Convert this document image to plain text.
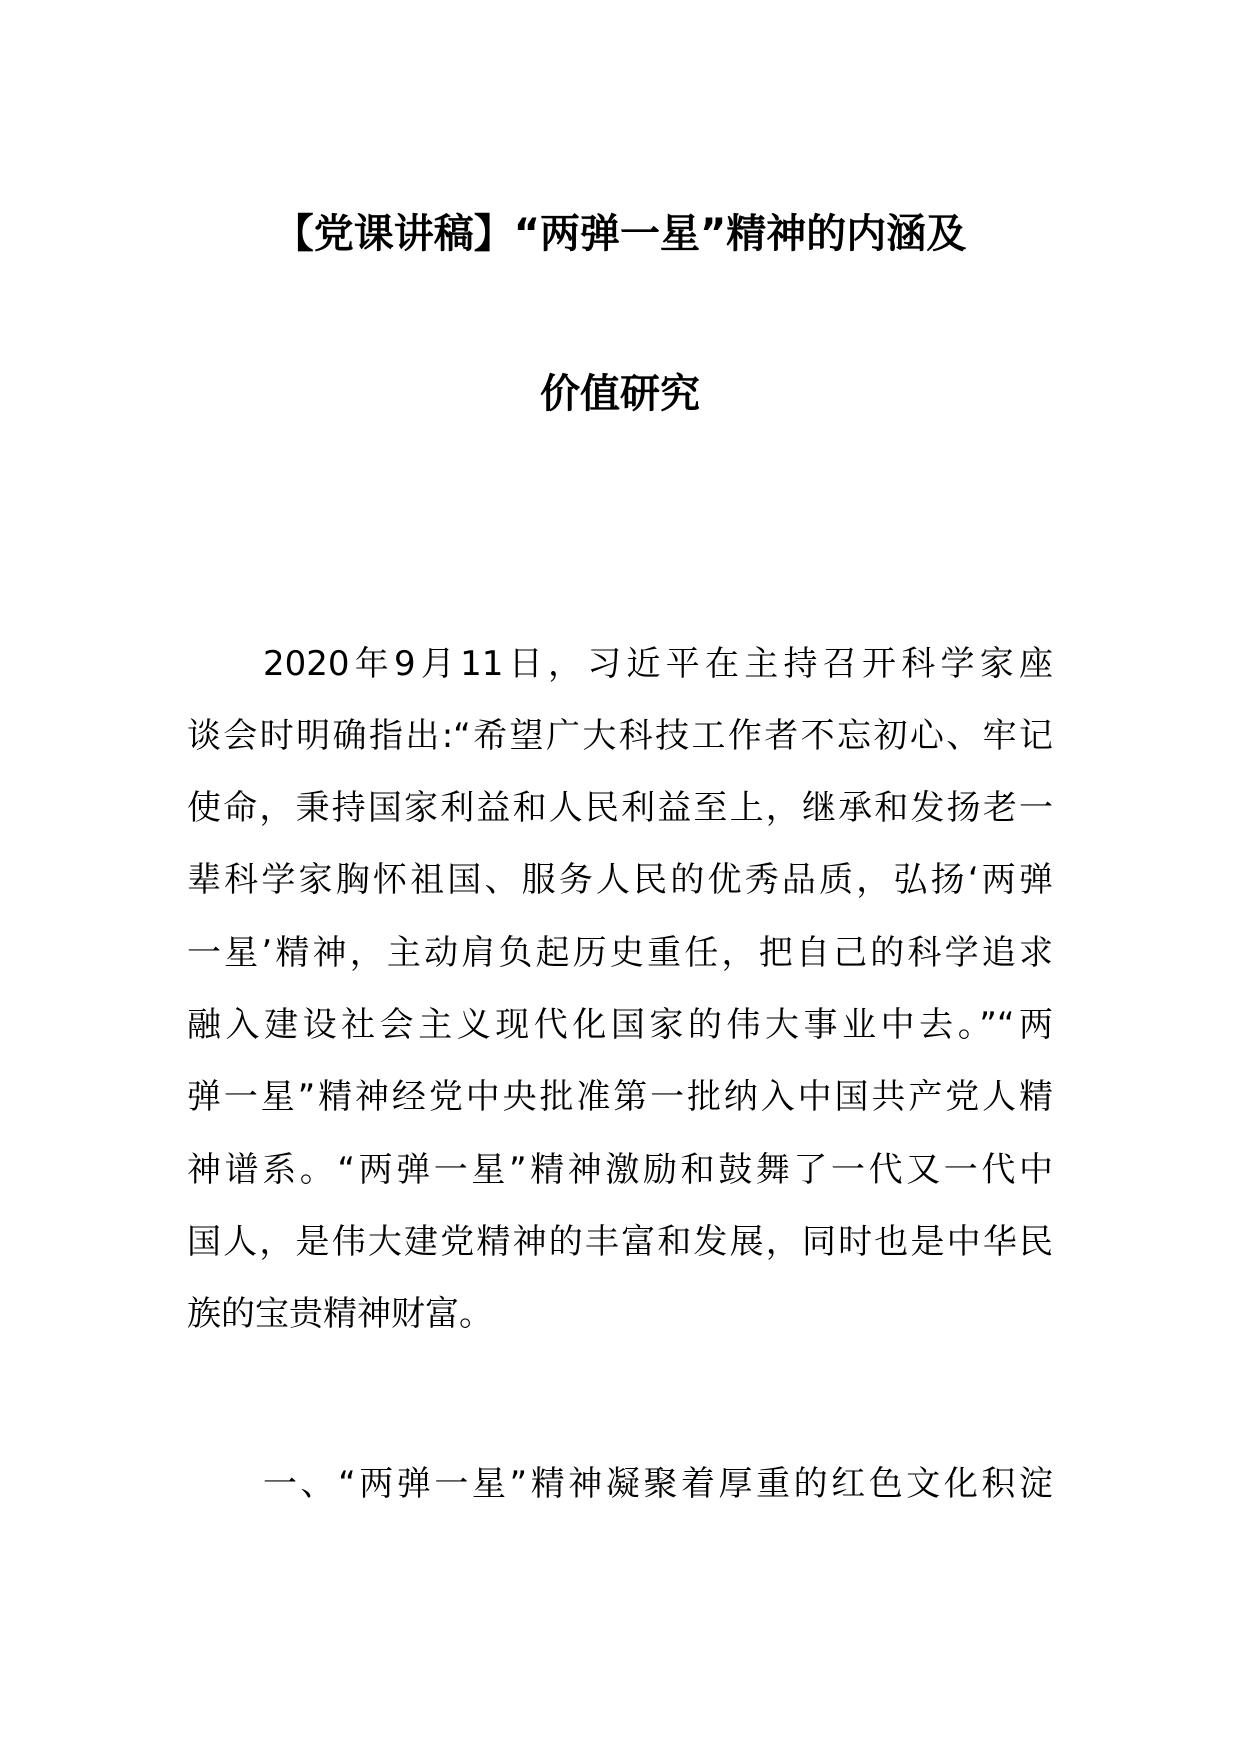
【党课讲稿】“两弹一星”精神的内涵及
价值研究
2020年9月11日，习近平在主持召开科学家座
谈会时明确指出:“希望广大科技工作者不忘初心、牢记
使命，秉持国家利益和人民利益至上，继承和发扬老一
辈科学家胸怀祖国、服务人民的优秀品质，弘扬‘两弹
一星’精神，主动肩负起历史重任，把自己的科学追求
融入建设社会主义现代化国家的伟大事业中去。”“两
弹一星”精神经党中央批准第一批纳入中国共产党人精
神谱系。“两弹一星”精神激励和鼓舞了一代又一代中
国人，是伟大建党精神的丰富和发展，同时也是中华民
族的宝贵精神财富。
一、“两弹一星”精神凝聚着厚重的红色文化积淀
